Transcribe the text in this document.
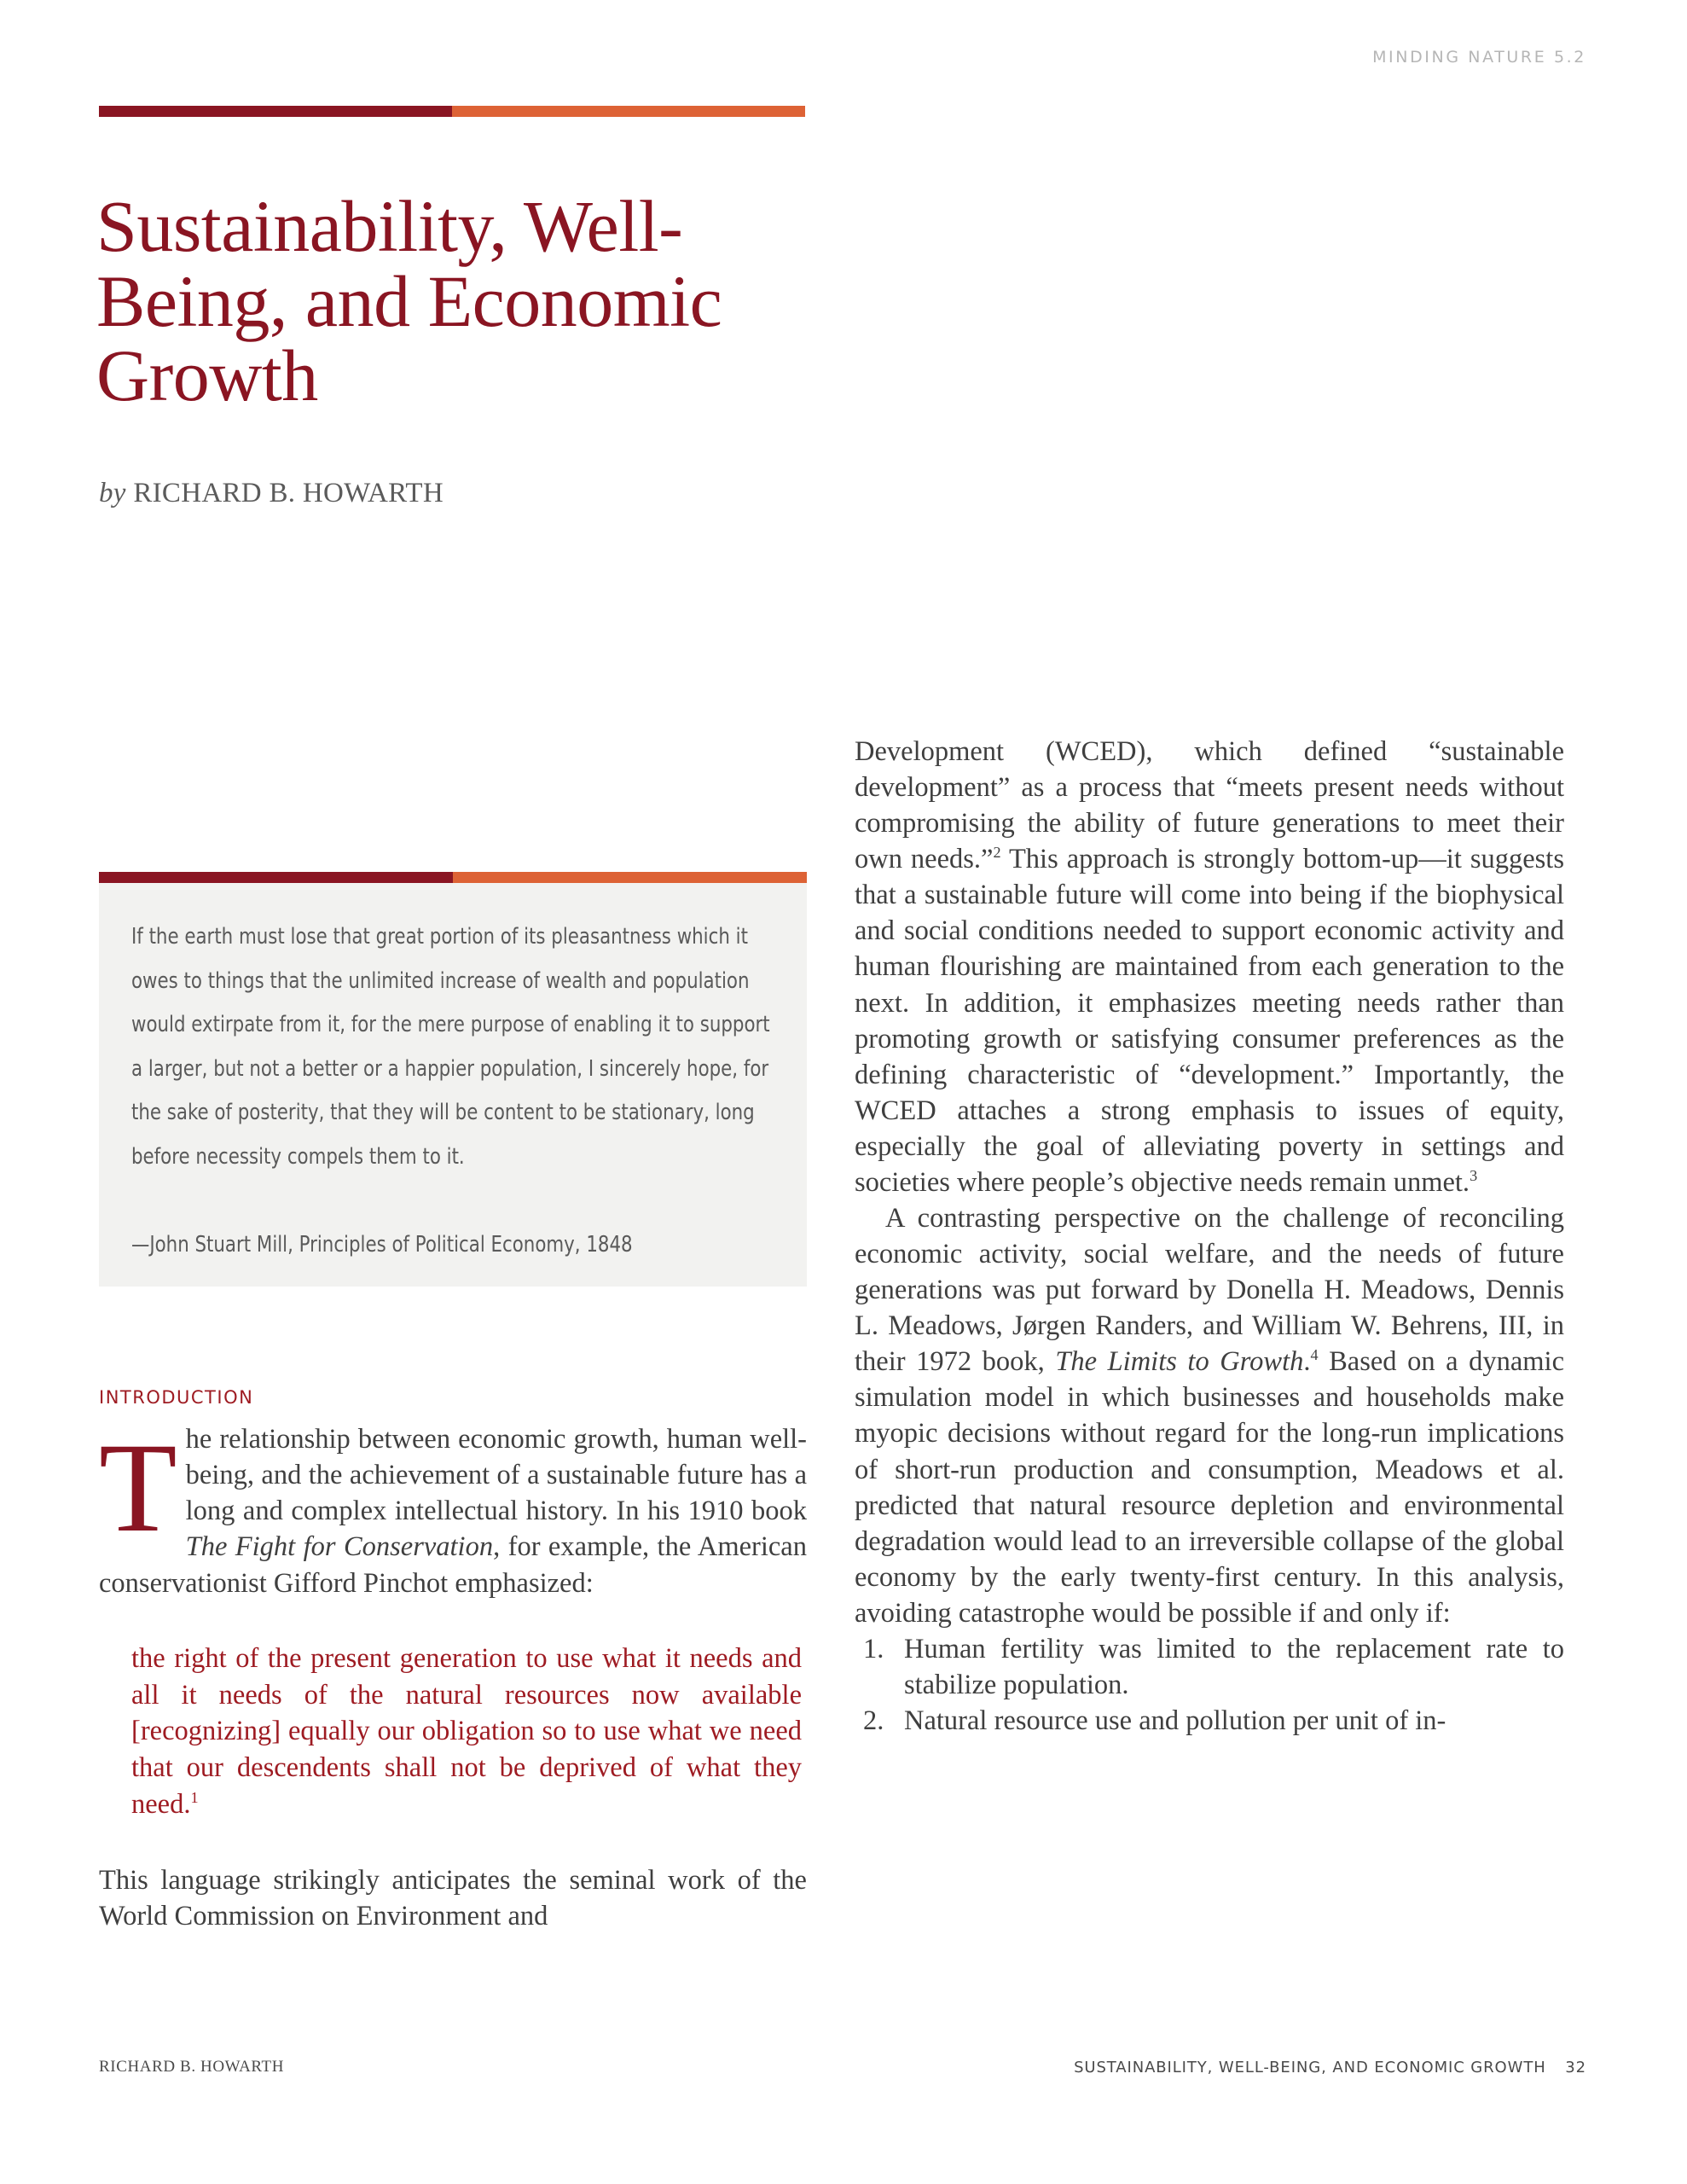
MINDING NATURE 5.2
Sustainability, Well-Being, and Economic Growth
by RICHARD B. HOWARTH

If the earth must lose that great portion of its pleasantness which it owes to things that the unlimited increase of wealth and population would extirpate from it, for the mere purpose of enabling it to support a larger, but not a better or a happier population, I sincerely hope, for the sake of posterity, that they will be content to be stationary, long before necessity compels them to it.

—John Stuart Mill, Principles of Political Economy, 1848

INTRODUCTION

The relationship between economic growth, human well-being, and the achievement of a sustainable future has a long and complex intellectual history. In his 1910 book The Fight for Conservation, for example, the American conservationist Gifford Pinchot emphasized:

the right of the present generation to use what it needs and all it needs of the natural resources now available [recognizing] equally our obligation so to use what we need that our descendents shall not be deprived of what they need.$^1$

This language strikingly anticipates the seminal work of the World Commission on Environment and

Development (WCED), which defined “sustainable development” as a process that “meets present needs without compromising the ability of future generations to meet their own needs.”$^2$ This approach is strongly bottom-up—it suggests that a sustainable future will come into being if the biophysical and social conditions needed to support economic activity and human flourishing are maintained from each generation to the next. In addition, it emphasizes meeting needs rather than promoting growth or satisfying consumer preferences as the defining characteristic of “development.” Importantly, the WCED attaches a strong emphasis to issues of equity, especially the goal of alleviating poverty in settings and societies where people’s objective needs remain unmet.$^3$

A contrasting perspective on the challenge of reconciling economic activity, social welfare, and the needs of future generations was put forward by Donella H. Meadows, Dennis L. Meadows, Jørgen Randers, and William W. Behrens, III, in their 1972 book, The Limits to Growth.$^4$ Based on a dynamic simulation model in which businesses and households make myopic decisions without regard for the long-run implications of short-run production and consumption, Meadows et al. predicted that natural resource depletion and environmental degradation would lead to an irreversible collapse of the global economy by the early twenty-first century. In this analysis, avoiding catastrophe would be possible if and only if:

1. Human fertility was limited to the replacement rate to stabilize population.
2. Natural resource use and pollution per unit of in-
RICHARD B. HOWARTH	SUSTAINABILITY, WELL-BEING, AND ECONOMIC GROWTH 32
